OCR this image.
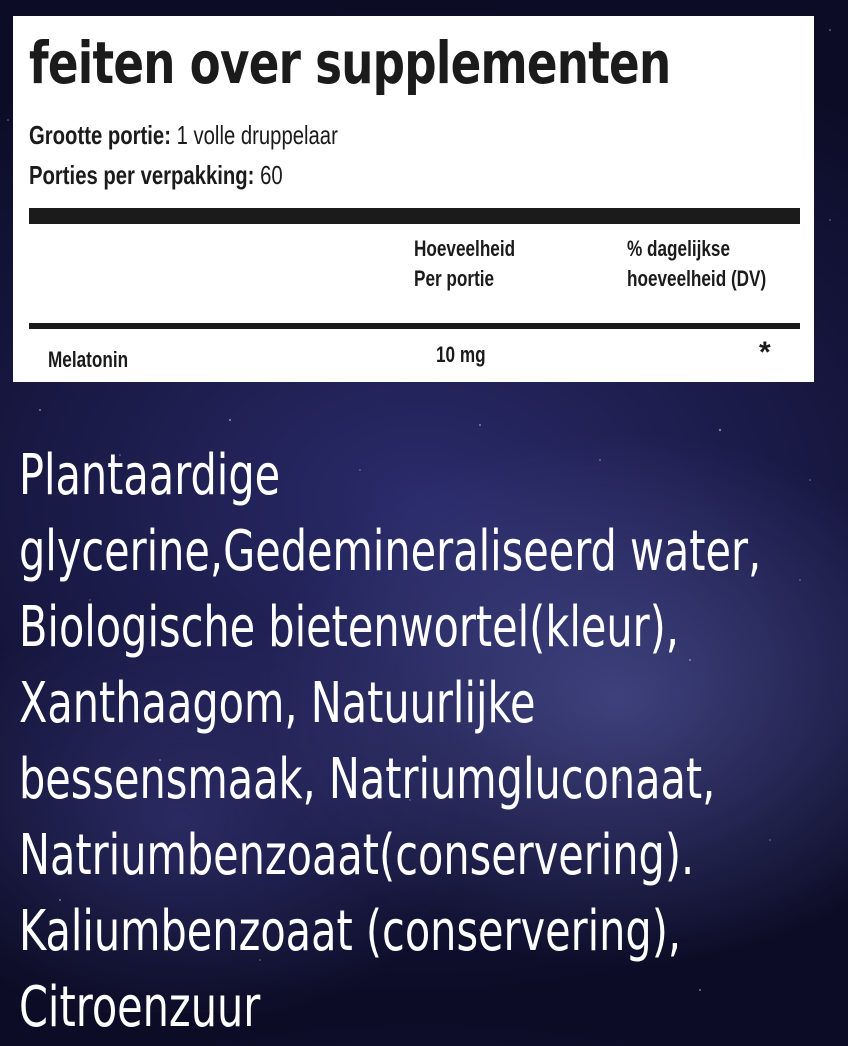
feiten over supplementen
Grootte portie: 1 volle druppelaar
Porties per verpakking: 60
Hoeveelheid
Per portie
% dagelijkse
hoeveelheid (DV)
Melatonin	10 mg	*

Plantaardige
glycerine,Gedemineraliseerd water,
Biologische bietenwortel(kleur),
Xanthaagom, Natuurlijke
bessensmaak, Natriumgluconaat,
Natriumbenzoaat(conservering).
Kaliumbenzoaat (conservering),
Citroenzuur
